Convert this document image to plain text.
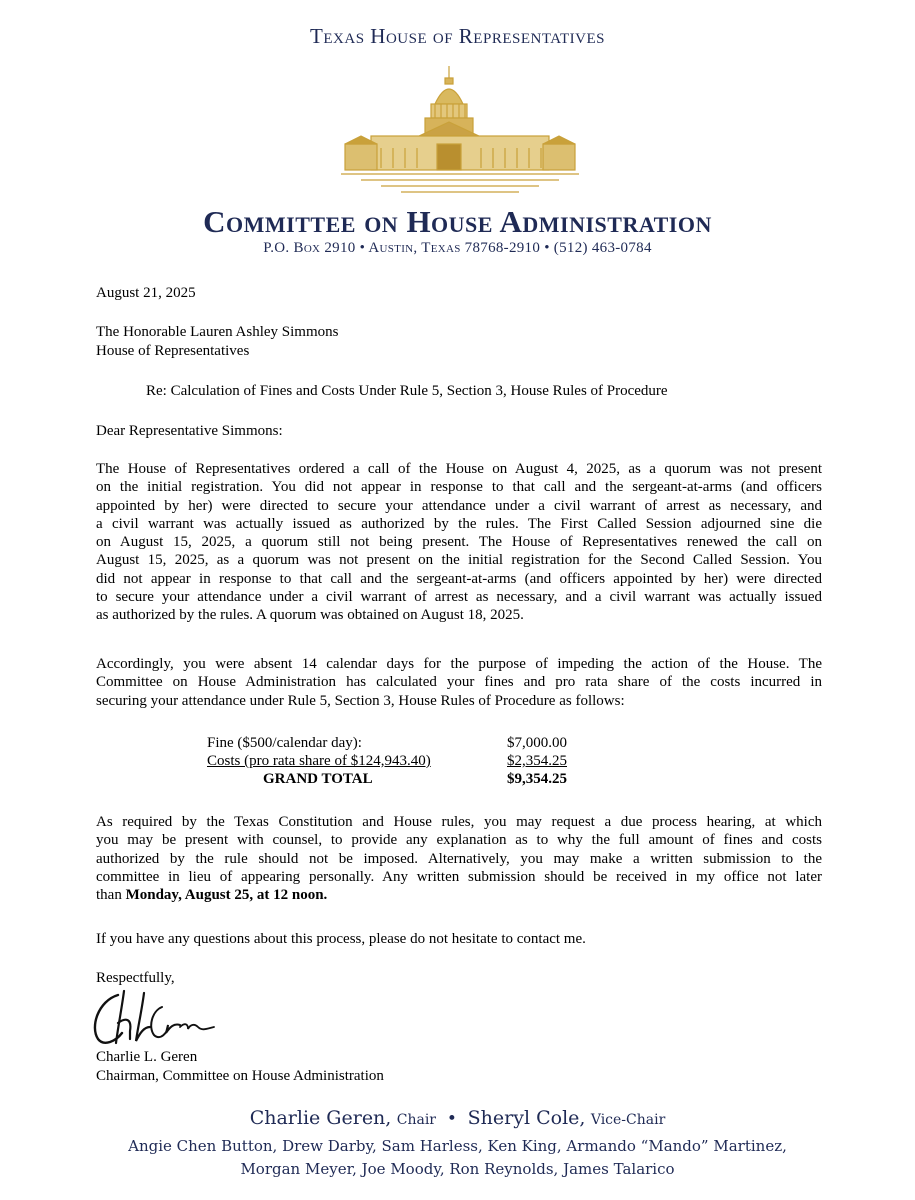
Texas House of Representatives
Committee on House Administration
P.O. Box 2910 • Austin, Texas 78768-2910 • (512) 463-0784
August 21, 2025
The Honorable Lauren Ashley Simmons
House of Representatives
Re: Calculation of Fines and Costs Under Rule 5, Section 3, House Rules of Procedure
Dear Representative Simmons:
The House of Representatives ordered a call of the House on August 4, 2025, as a quorum was not present
on the initial registration. You did not appear in response to that call and the sergeant-at-arms (and officers
appointed by her) were directed to secure your attendance under a civil warrant of arrest as necessary, and
a civil warrant was actually issued as authorized by the rules. The First Called Session adjourned sine die
on August 15, 2025, a quorum still not being present. The House of Representatives renewed the call on
August 15, 2025, as a quorum was not present on the initial registration for the Second Called Session. You
did not appear in response to that call and the sergeant-at-arms (and officers appointed by her) were directed
to secure your attendance under a civil warrant of arrest as necessary, and a civil warrant was actually issued
as authorized by the rules. A quorum was obtained on August 18, 2025.
Accordingly, you were absent 14 calendar days for the purpose of impeding the action of the House. The
Committee on House Administration has calculated your fines and pro rata share of the costs incurred in
securing your attendance under Rule 5, Section 3, House Rules of Procedure as follows:
Fine ($500/calendar day):	$7,000.00
Costs (pro rata share of $124,943.40)	$2,354.25
GRAND TOTAL	$9,354.25
As required by the Texas Constitution and House rules, you may request a due process hearing, at which
you may be present with counsel, to provide any explanation as to why the full amount of fines and costs
authorized by the rule should not be imposed. Alternatively, you may make a written submission to the
committee in lieu of appearing personally. Any written submission should be received in my office not later
than Monday, August 25, at 12 noon.
If you have any questions about this process, please do not hesitate to contact me.
Respectfully,
Charlie L. Geren
Chairman, Committee on House Administration
Charlie Geren, Chair • Sheryl Cole, Vice-Chair
Angie Chen Button, Drew Darby, Sam Harless, Ken King, Armando “Mando” Martinez,
Morgan Meyer, Joe Moody, Ron Reynolds, James Talarico
